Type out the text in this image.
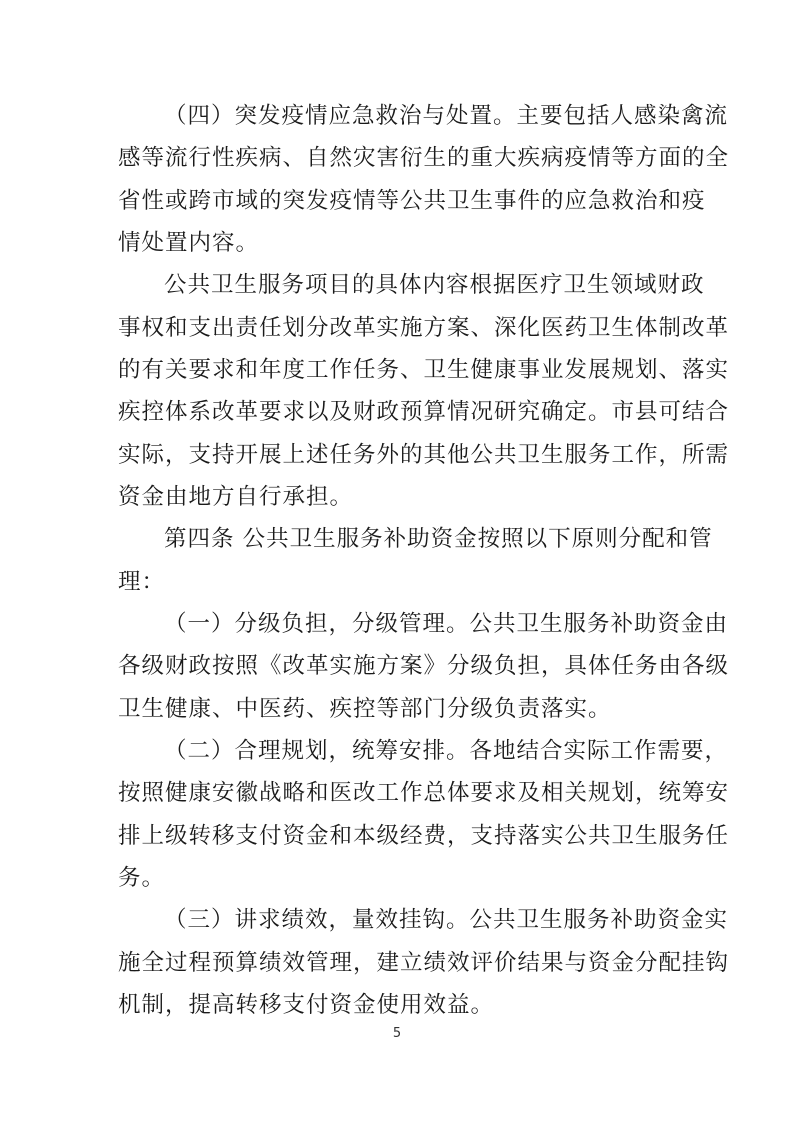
（四）突发疫情应急救治与处置。主要包括人感染禽流
感等流行性疾病、自然灾害衍生的重大疾病疫情等方面的全
省性或跨市域的突发疫情等公共卫生事件的应急救治和疫
情处置内容。
公共卫生服务项目的具体内容根据医疗卫生领域财政
事权和支出责任划分改革实施方案、深化医药卫生体制改革
的有关要求和年度工作任务、卫生健康事业发展规划、落实
疾控体系改革要求以及财政预算情况研究确定。市县可结合
实际，支持开展上述任务外的其他公共卫生服务工作，所需
资金由地方自行承担。
第四条 公共卫生服务补助资金按照以下原则分配和管
理：
（一）分级负担，分级管理。公共卫生服务补助资金由
各级财政按照《改革实施方案》分级负担，具体任务由各级
卫生健康、中医药、疾控等部门分级负责落实。
（二）合理规划，统筹安排。各地结合实际工作需要，
按照健康安徽战略和医改工作总体要求及相关规划，统筹安
排上级转移支付资金和本级经费，支持落实公共卫生服务任
务。
（三）讲求绩效，量效挂钩。公共卫生服务补助资金实
施全过程预算绩效管理，建立绩效评价结果与资金分配挂钩
机制，提高转移支付资金使用效益。
5
